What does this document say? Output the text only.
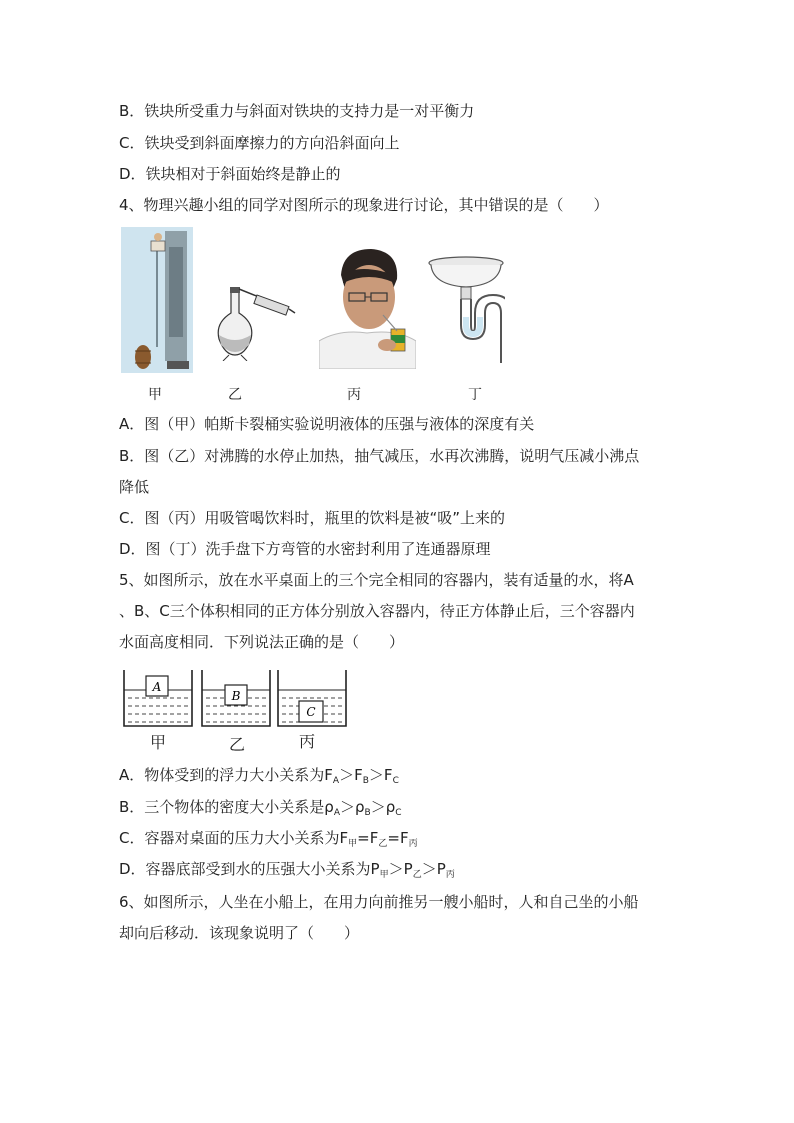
B．铁块所受重力与斜面对铁块的支持力是一对平衡力
C．铁块受到斜面摩擦力的方向沿斜面向上
D．铁块相对于斜面始终是静止的
4、物理兴趣小组的同学对图所示的现象进行讨论，其中错误的是（　　）
甲	乙	丙	丁
A．图（甲）帕斯卡裂桶实验说明液体的压强与液体的深度有关
B．图（乙）对沸腾的水停止加热，抽气减压，水再次沸腾，说明气压减小沸点
降低
C．图（丙）用吸管喝饮料时，瓶里的饮料是被“吸”上来的
D．图（丁）洗手盘下方弯管的水密封利用了连通器原理
5、如图所示，放在水平桌面上的三个完全相同的容器内，装有适量的水，将A
、B、C三个体积相同的正方体分别放入容器内，待正方体静止后，三个容器内
水面高度相同．下列说法正确的是（　　）
A
B
C
甲	乙	丙
A．物体受到的浮力大小关系为$F_A>F_B>F_C$
B．三个物体的密度大小关系是$\rho_A>\rho_B>\rho_C$
C．容器对桌面的压力大小关系为$F_甲=F_乙=F_丙$
D．容器底部受到水的压强大小关系为$P_甲>P_乙>P_丙$
6、如图所示，人坐在小船上，在用力向前推另一艘小船时，人和自己坐的小船
却向后移动．该现象说明了（　　）
